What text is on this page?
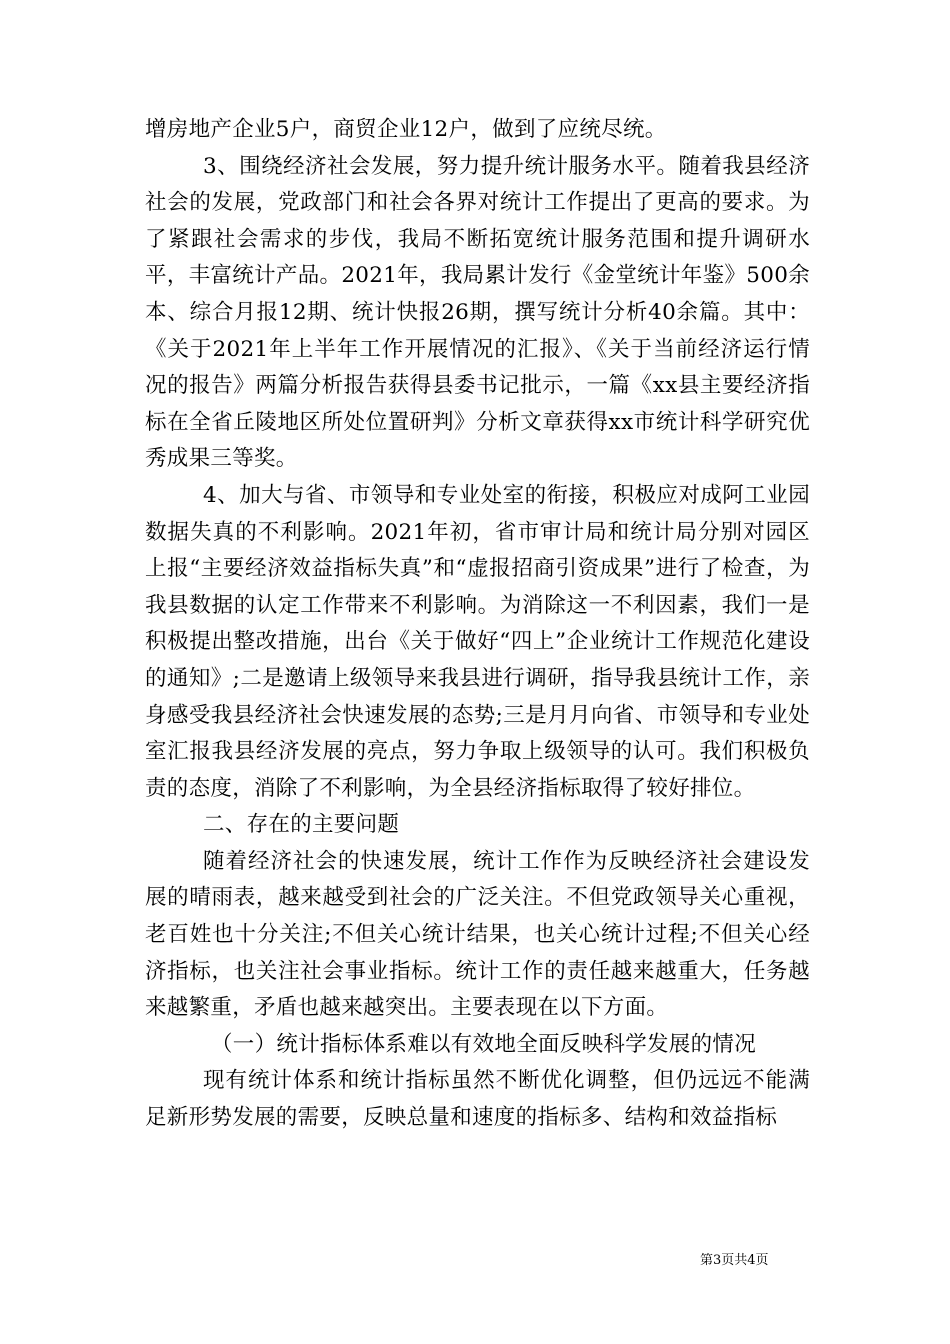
增房地产企业5户，商贸企业12户，做到了应统尽统。

3、围绕经济社会发展，努力提升统计服务水平。随着我县经济社会的发展，党政部门和社会各界对统计工作提出了更高的要求。为了紧跟社会需求的步伐，我局不断拓宽统计服务范围和提升调研水平，丰富统计产品。2021年，我局累计发行《金堂统计年鉴》500余本、综合月报12期、统计快报26期，撰写统计分析40余篇。其中：《关于2021年上半年工作开展情况的汇报》、《关于当前经济运行情况的报告》两篇分析报告获得县委书记批示，一篇《xx县主要经济指标在全省丘陵地区所处位置研判》分析文章获得xx市统计科学研究优秀成果三等奖。

4、加大与省、市领导和专业处室的衔接，积极应对成阿工业园数据失真的不利影响。2021年初，省市审计局和统计局分别对园区上报“主要经济效益指标失真”和“虚报招商引资成果”进行了检查，为我县数据的认定工作带来不利影响。为消除这一不利因素，我们一是积极提出整改措施，出台《关于做好“四上”企业统计工作规范化建设的通知》;二是邀请上级领导来我县进行调研，指导我县统计工作，亲身感受我县经济社会快速发展的态势;三是月月向省、市领导和专业处室汇报我县经济发展的亮点，努力争取上级领导的认可。我们积极负责的态度，消除了不利影响，为全县经济指标取得了较好排位。

二、存在的主要问题

随着经济社会的快速发展，统计工作作为反映经济社会建设发展的晴雨表，越来越受到社会的广泛关注。不但党政领导关心重视，老百姓也十分关注;不但关心统计结果，也关心统计过程;不但关心经济指标，也关注社会事业指标。统计工作的责任越来越重大，任务越来越繁重，矛盾也越来越突出。主要表现在以下方面。

（一）统计指标体系难以有效地全面反映科学发展的情况

现有统计体系和统计指标虽然不断优化调整，但仍远远不能满足新形势发展的需要，反映总量和速度的指标多、结构和效益指标

第3页共4页
